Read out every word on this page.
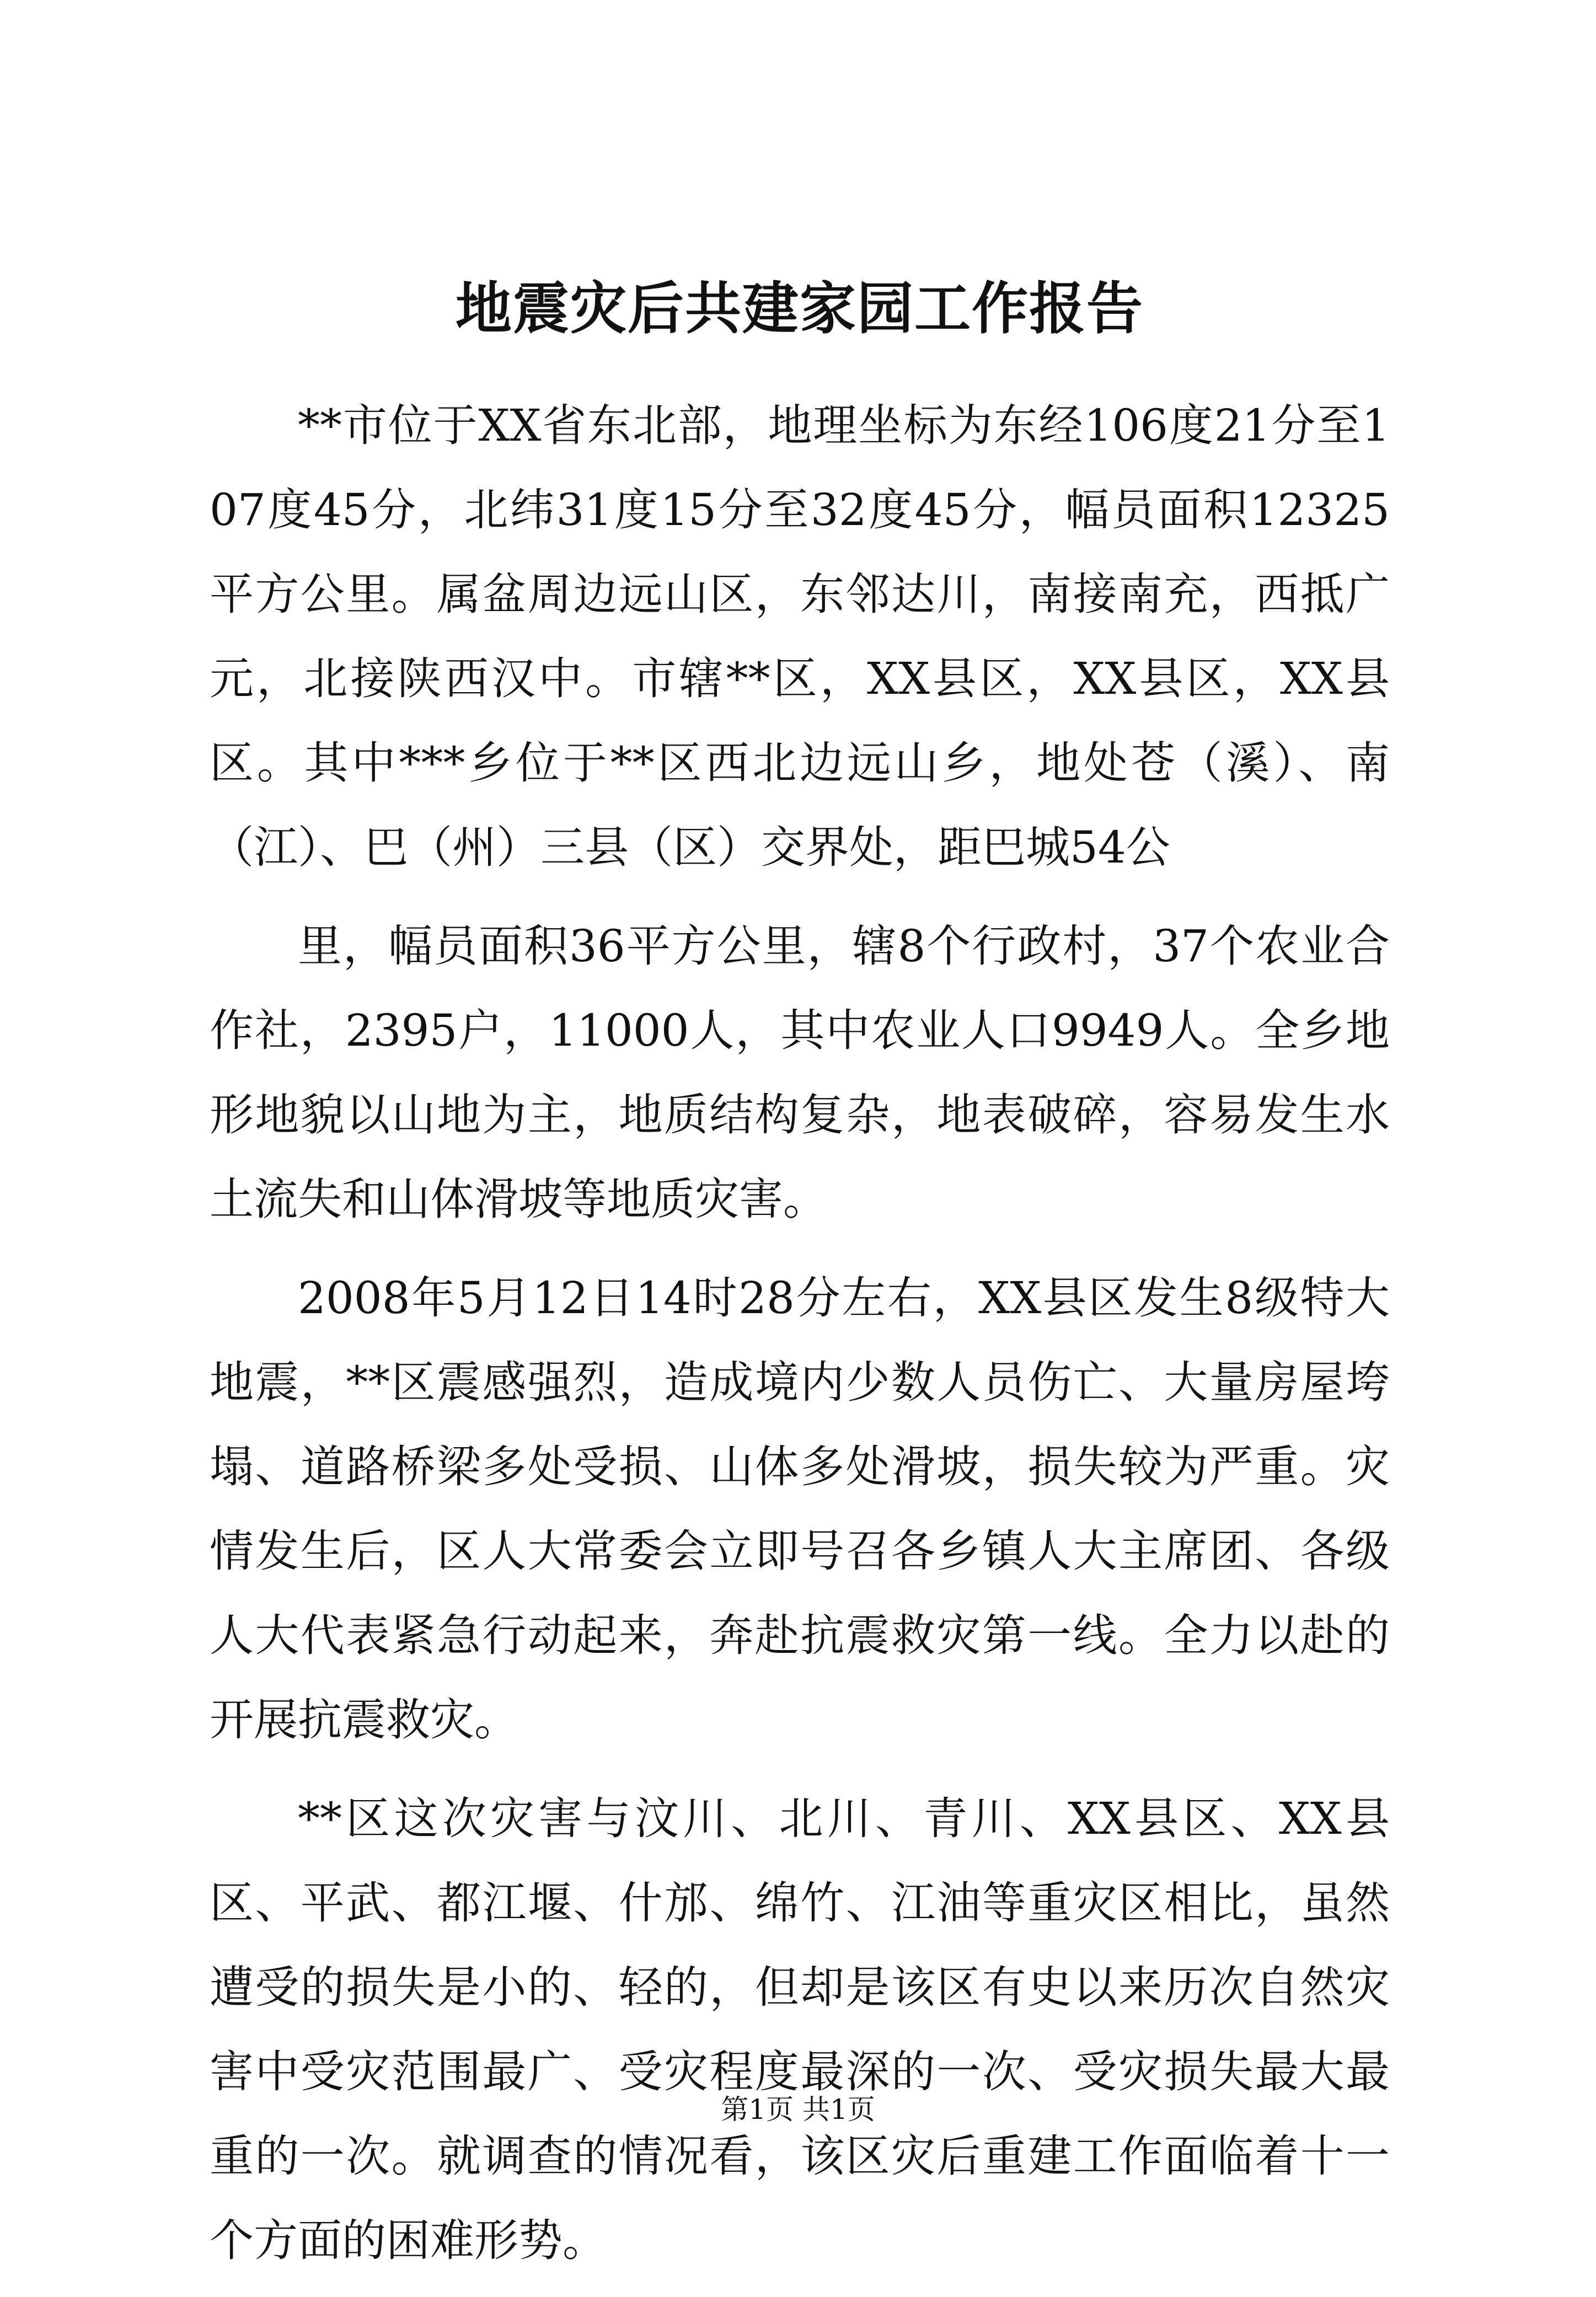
地震灾后共建家园工作报告

**市位于XX省东北部，地理坐标为东经106度21分至107度45分，北纬31度15分至32度45分，幅员面积12325平方公里。属盆周边远山区，东邻达川，南接南充，西抵广元，北接陕西汉中。市辖**区，XX县区，XX县区，XX县区。其中***乡位于**区西北边远山乡，地处苍（溪）、南（江）、巴（州）三县（区）交界处，距巴城54公

里，幅员面积36平方公里，辖8个行政村，37个农业合作社，2395户，11000人，其中农业人口9949人。全乡地形地貌以山地为主，地质结构复杂，地表破碎，容易发生水土流失和山体滑坡等地质灾害。

2008年5月12日14时28分左右，XX县区发生8级特大地震，**区震感强烈，造成境内少数人员伤亡、大量房屋垮塌、道路桥梁多处受损、山体多处滑坡，损失较为严重。灾情发生后，区人大常委会立即号召各乡镇人大主席团、各级人大代表紧急行动起来，奔赴抗震救灾第一线。全力以赴的开展抗震救灾。

**区这次灾害与汶川、北川、青川、XX县区、XX县区、平武、都江堰、什邡、绵竹、江油等重灾区相比，虽然遭受的损失是小的、轻的，但却是该区有史以来历次自然灾害中受灾范围最广、受灾程度最深的一次、受灾损失最大最重的一次。就调查的情况看，该区灾后重建工作面临着十一个方面的困难形势。

第1页 共1页
